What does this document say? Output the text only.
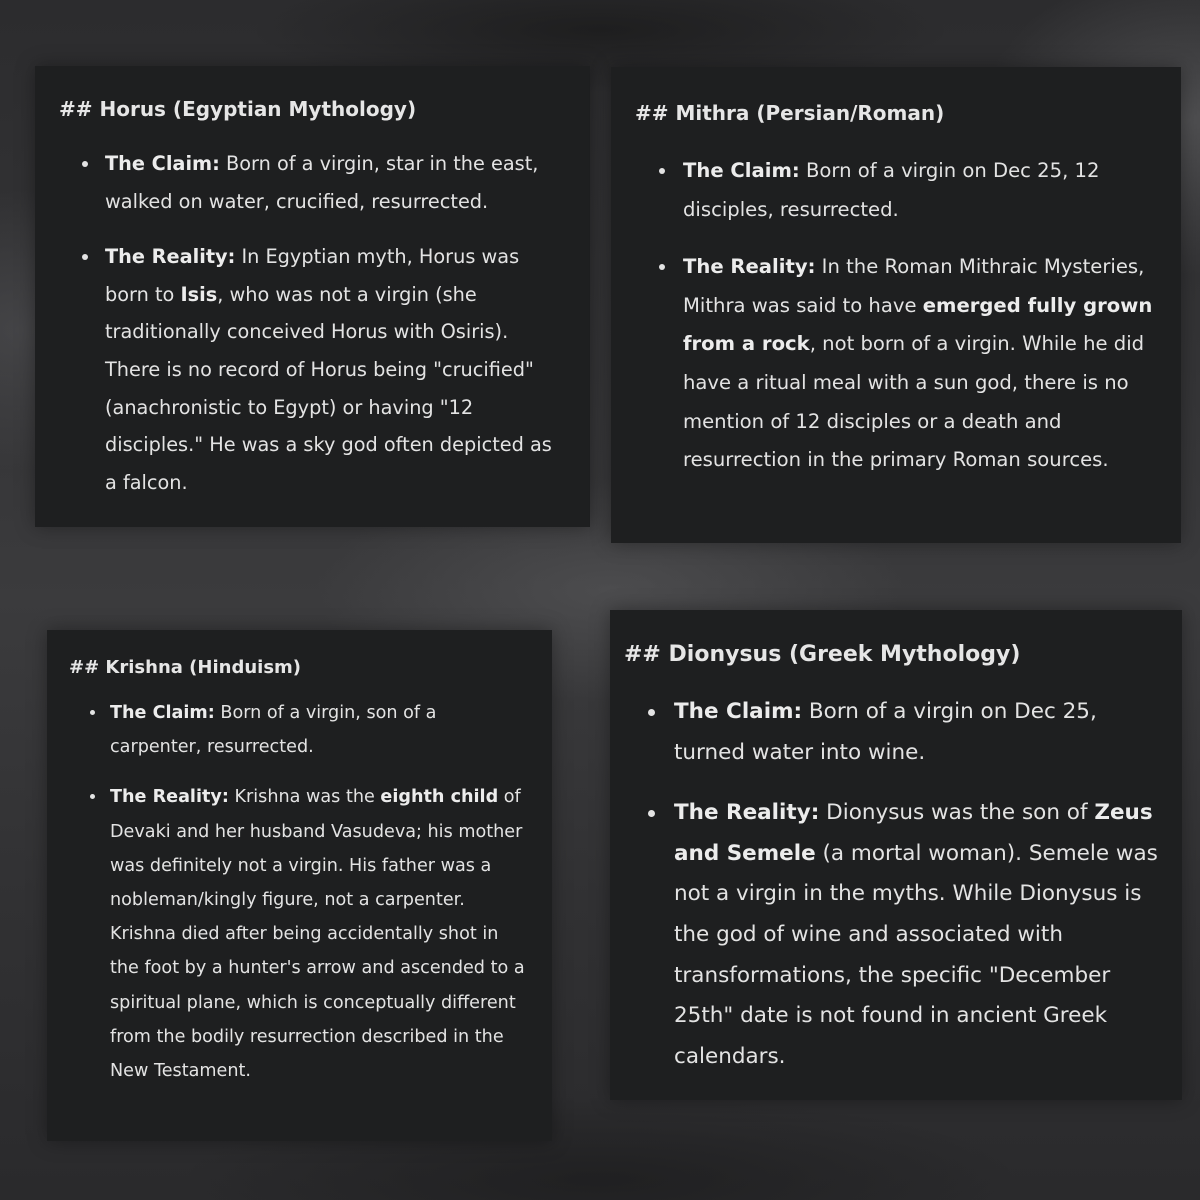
## Horus (Egyptian Mythology)
The Claim: Born of a virgin, star in the east, walked on water, crucified, resurrected.
The Reality: In Egyptian myth, Horus was born to Isis, who was not a virgin (she traditionally conceived Horus with Osiris). There is no record of Horus being "crucified" (anachronistic to Egypt) or having "12 disciples." He was a sky god often depicted as a falcon.
## Mithra (Persian/Roman)
The Claim: Born of a virgin on Dec 25, 12 disciples, resurrected.
The Reality: In the Roman Mithraic Mysteries, Mithra was said to have emerged fully grown from a rock, not born of a virgin. While he did have a ritual meal with a sun god, there is no mention of 12 disciples or a death and resurrection in the primary Roman sources.
## Krishna (Hinduism)
The Claim: Born of a virgin, son of a carpenter, resurrected.
The Reality: Krishna was the eighth child of Devaki and her husband Vasudeva; his mother was definitely not a virgin. His father was a nobleman/kingly figure, not a carpenter. Krishna died after being accidentally shot in the foot by a hunter's arrow and ascended to a spiritual plane, which is conceptually different from the bodily resurrection described in the New Testament.
## Dionysus (Greek Mythology)
The Claim: Born of a virgin on Dec 25, turned water into wine.
The Reality: Dionysus was the son of Zeus and Semele (a mortal woman). Semele was not a virgin in the myths. While Dionysus is the god of wine and associated with transformations, the specific "December 25th" date is not found in ancient Greek calendars.
